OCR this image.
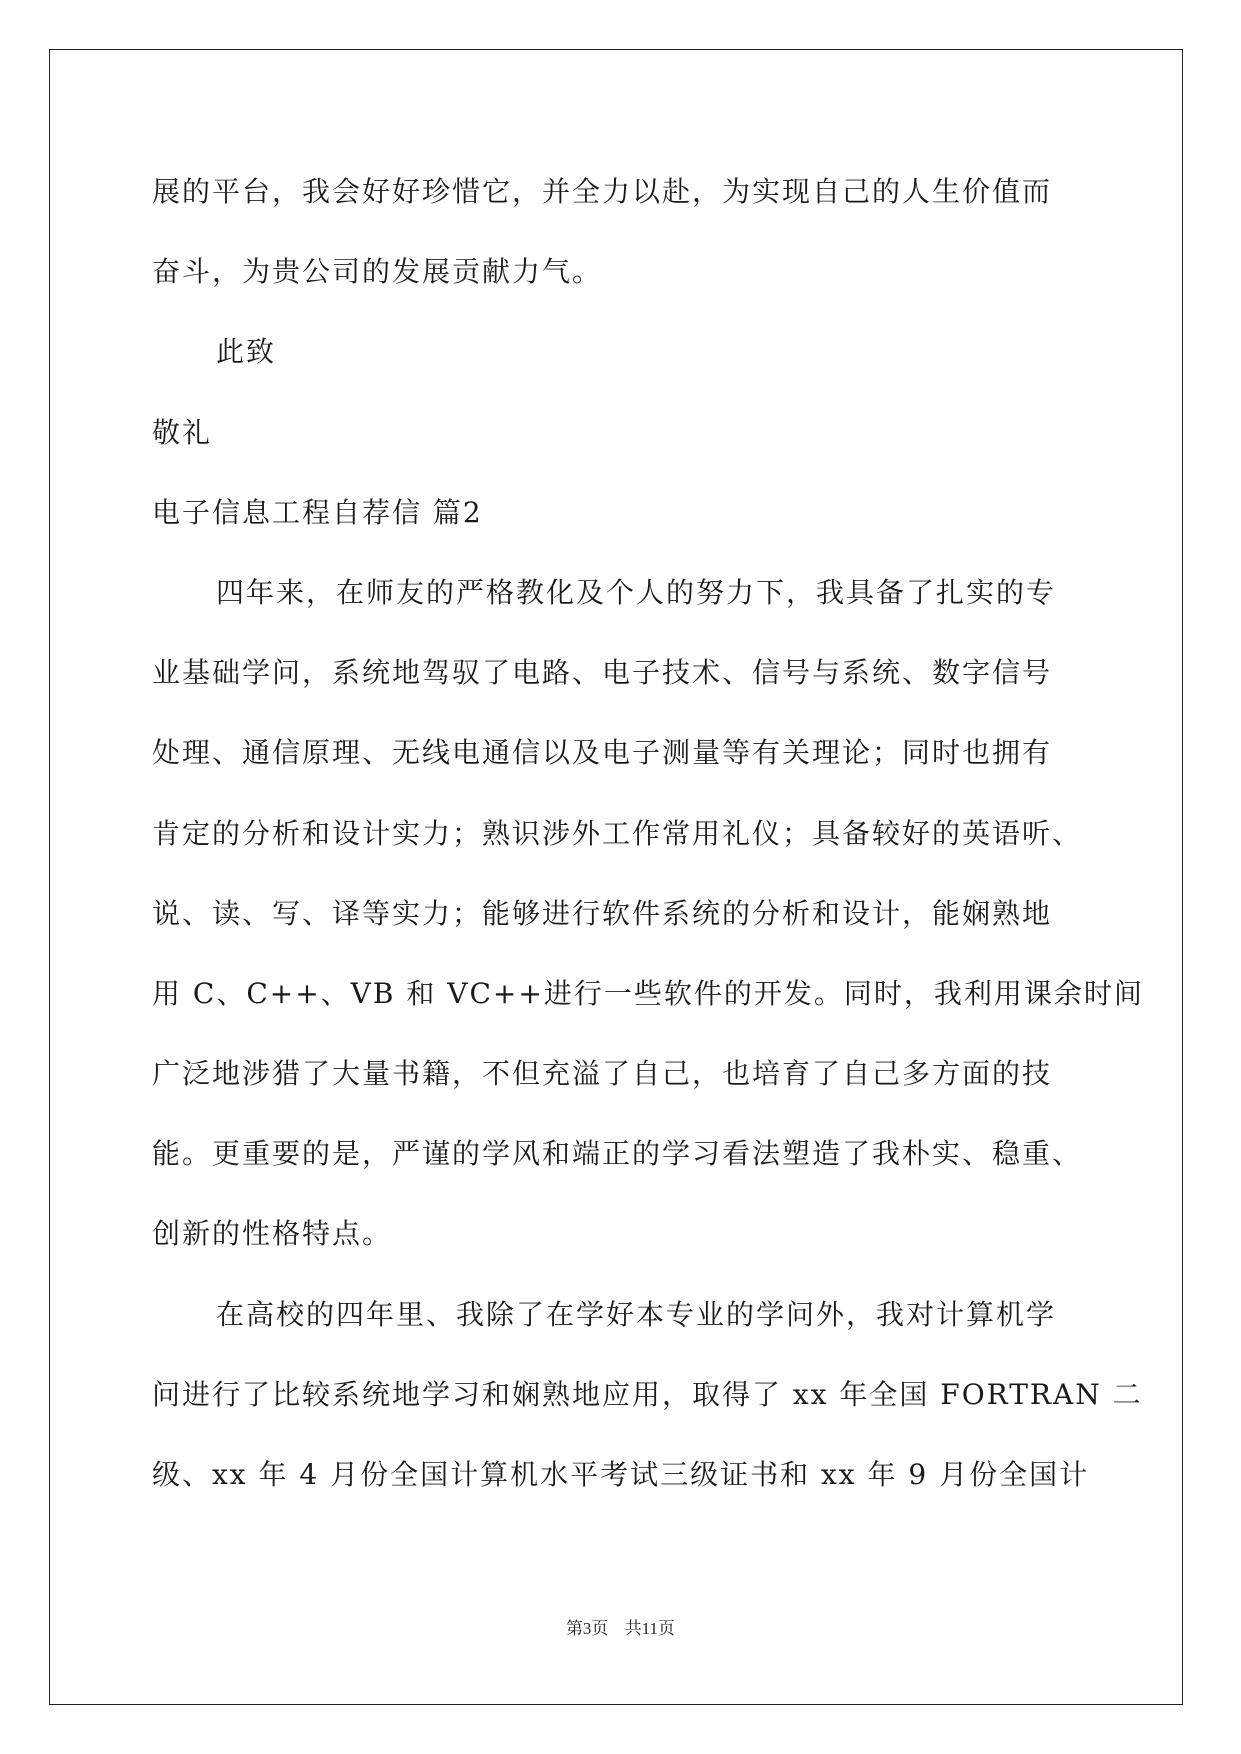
展的平台，我会好好珍惜它，并全力以赴，为实现自己的人生价值而
奋斗，为贵公司的发展贡献力气。
此致
敬礼
电子信息工程自荐信 篇2
四年来，在师友的严格教化及个人的努力下，我具备了扎实的专
业基础学问，系统地驾驭了电路、电子技术、信号与系统、数字信号
处理、通信原理、无线电通信以及电子测量等有关理论；同时也拥有
肯定的分析和设计实力；熟识涉外工作常用礼仪；具备较好的英语听、
说、读、写、译等实力；能够进行软件系统的分析和设计，能娴熟地
用 C、C++、VB 和 VC++进行一些软件的开发。同时，我利用课余时间
广泛地涉猎了大量书籍，不但充溢了自己，也培育了自己多方面的技
能。更重要的是，严谨的学风和端正的学习看法塑造了我朴实、稳重、
创新的性格特点。
在高校的四年里、我除了在学好本专业的学问外，我对计算机学
问进行了比较系统地学习和娴熟地应用，取得了 xx 年全国 FORTRAN 二
级、xx 年 4 月份全国计算机水平考试三级证书和 xx 年 9 月份全国计
第3页 共11页
